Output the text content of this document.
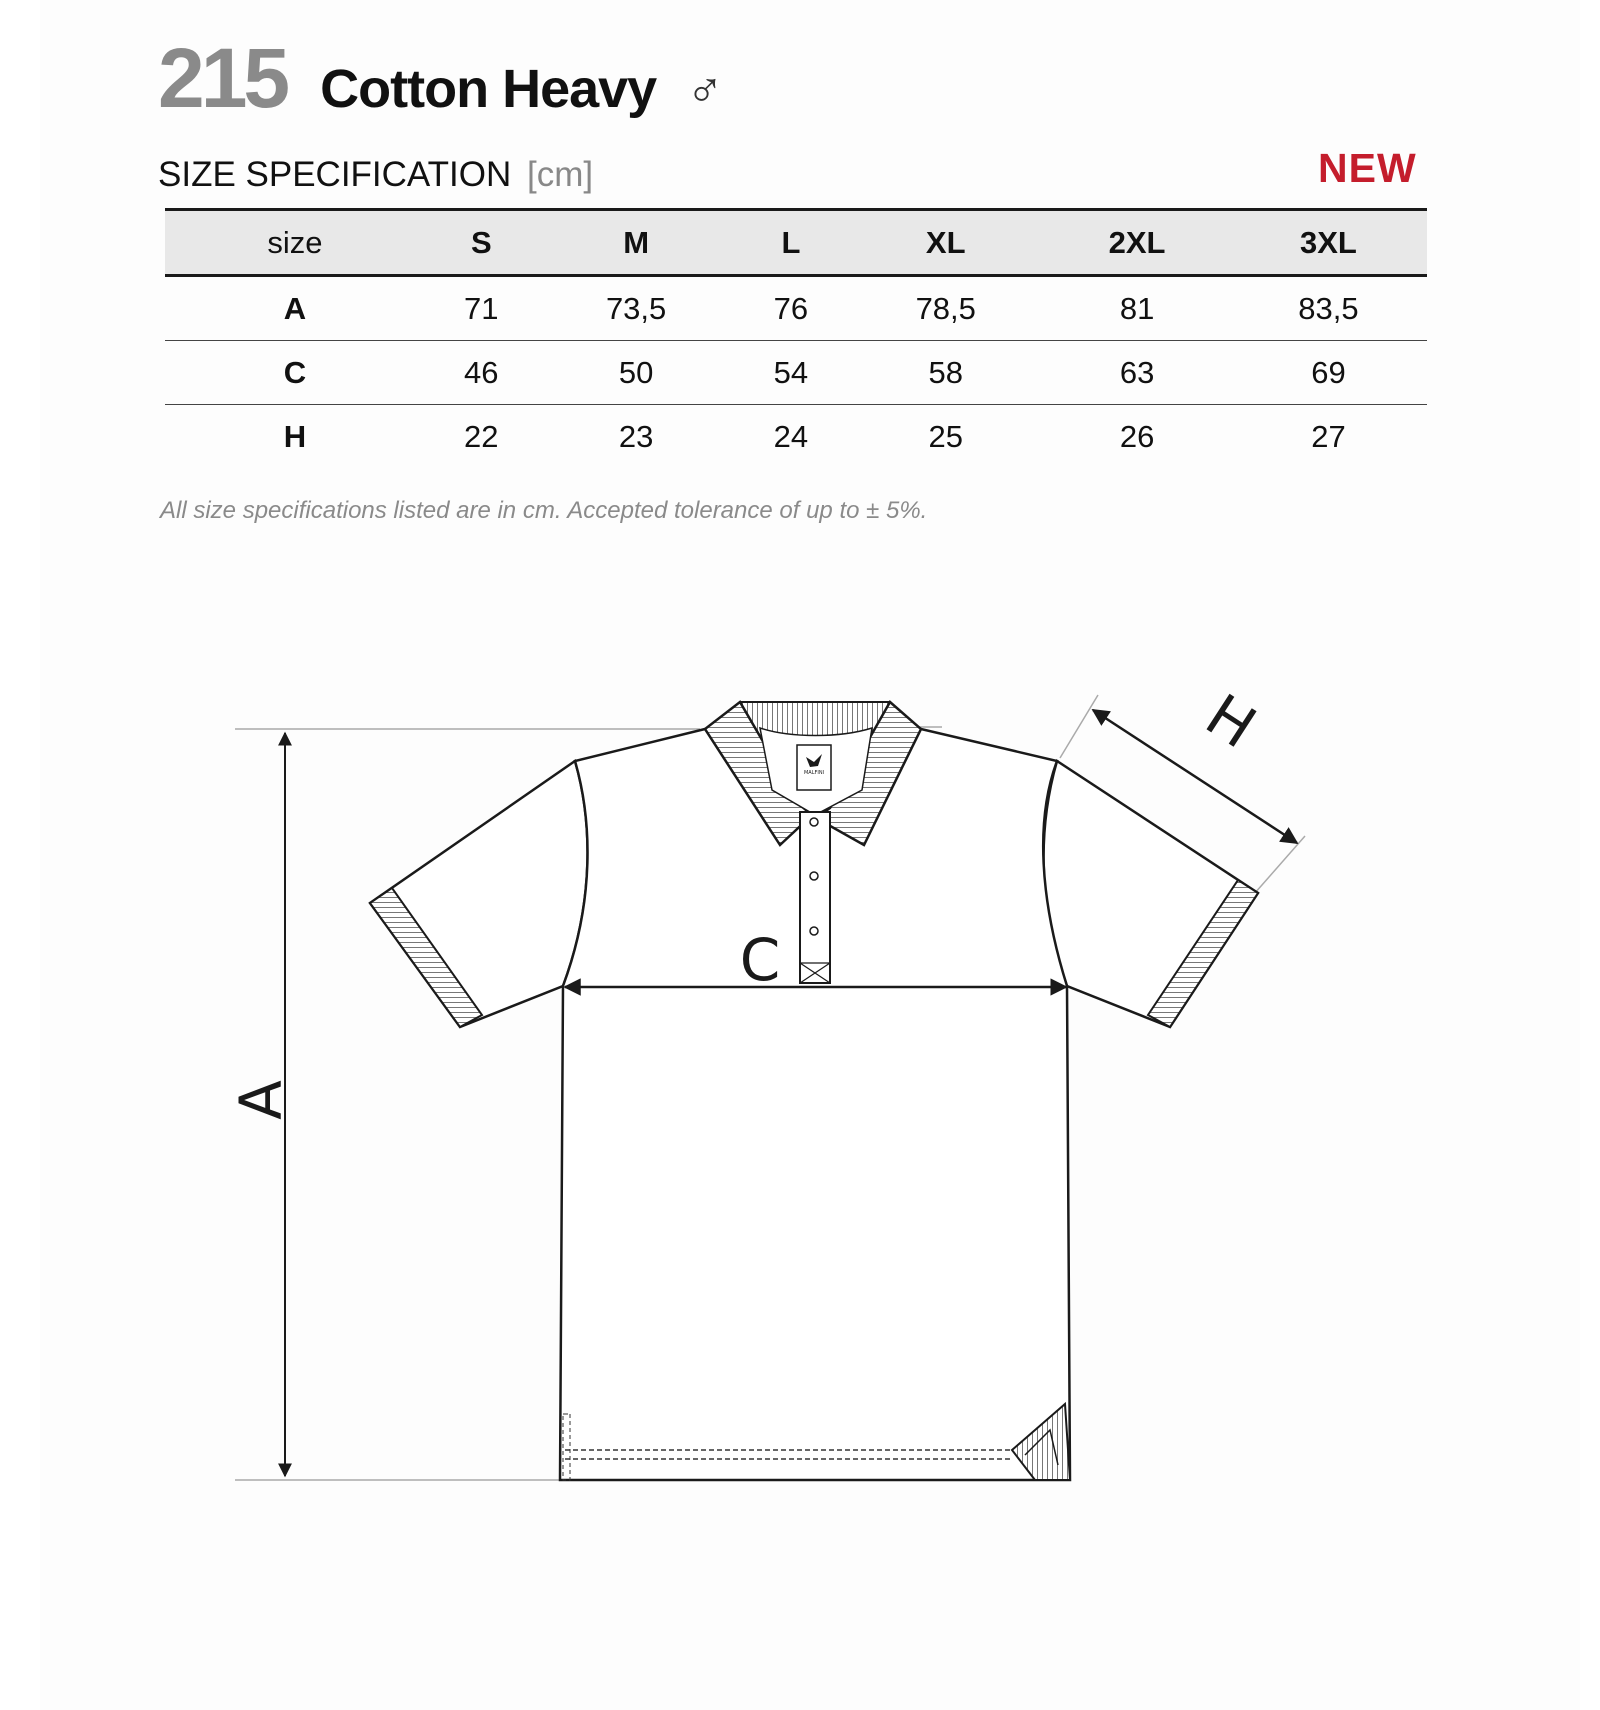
215 Cotton Heavy ♂
SIZE SPECIFICATION [cm]	NEW
size	S	M	L	XL	2XL	3XL
A	71	73,5	76	78,5	81	83,5
C	46	50	54	58	63	69
H	22	23	24	25	26	27
All size specifications listed are in cm. Accepted tolerance of up to ± 5%.
MALFINI
A
C
H
